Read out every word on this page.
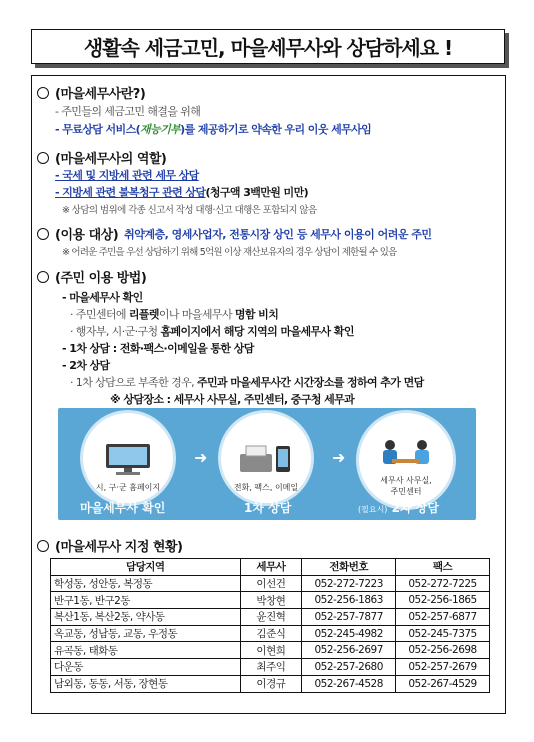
생활속 세금고민, 마을세무사와 상담하세요 !
(마을세무사란?)
- 주민들의 세금고민 해결을 위해
- 무료상담 서비스(재능기부)를 제공하기로 약속한 우리 이웃 세무사임
(마을세무사의 역할)
- 국세 및 지방세 관련 세무 상담
- 지방세 관련 불복청구 관련 상담(청구액 3백만원 미만)
※ 상담의 범위에 각종 신고서 작성 대행·신고 대행은 포함되지 않음
(이용 대상) 취약계층, 영세사업자, 전통시장 상인 등 세무사 이용이 어려운 주민
※ 어려운 주민을 우선 상담하기 위해 5억원 이상 재산보유자의 경우 상담이 제한될 수 있음
(주민 이용 방법)
- 마을세무사 확인
· 주민센터에 리플렛이나 마을세무사 명함 비치
· 행자부, 시·군·구청 홈페이지에서 해당 지역의 마을세무사 확인
- 1차 상담 : 전화·팩스·이메일을 통한 상담
- 2차 상담
· 1차 상담으로 부족한 경우, 주민과 마을세무사간 시간장소를 정하여 추가 면담
※ 상담장소 : 세무사 사무실, 주민센터, 중구청 세무과
시, 구·군 홈페이지
➜
전화, 팩스, 이메일
➜
세무사 사무실,
주민센터
마을세무사 확인	1차 상담	(필요시) 2차 상담
(마을세무사 지정 현황)
담당지역	세무사	전화번호	팩스
학성동, 성안동, 복정동	이선건	052-272-7223	052-272-7225
반구1동, 반구2동	박창현	052-256-1863	052-256-1865
복산1동, 복산2동, 약사동	윤진혁	052-257-7877	052-257-6877
옥교동, 성남동, 교동, 우정동	김준식	052-245-4982	052-245-7375
유곡동, 태화동	이현희	052-256-2697	052-256-2698
다운동	최주익	052-257-2680	052-257-2679
남외동, 동동, 서동, 장현동	이경규	052-267-4528	052-267-4529
